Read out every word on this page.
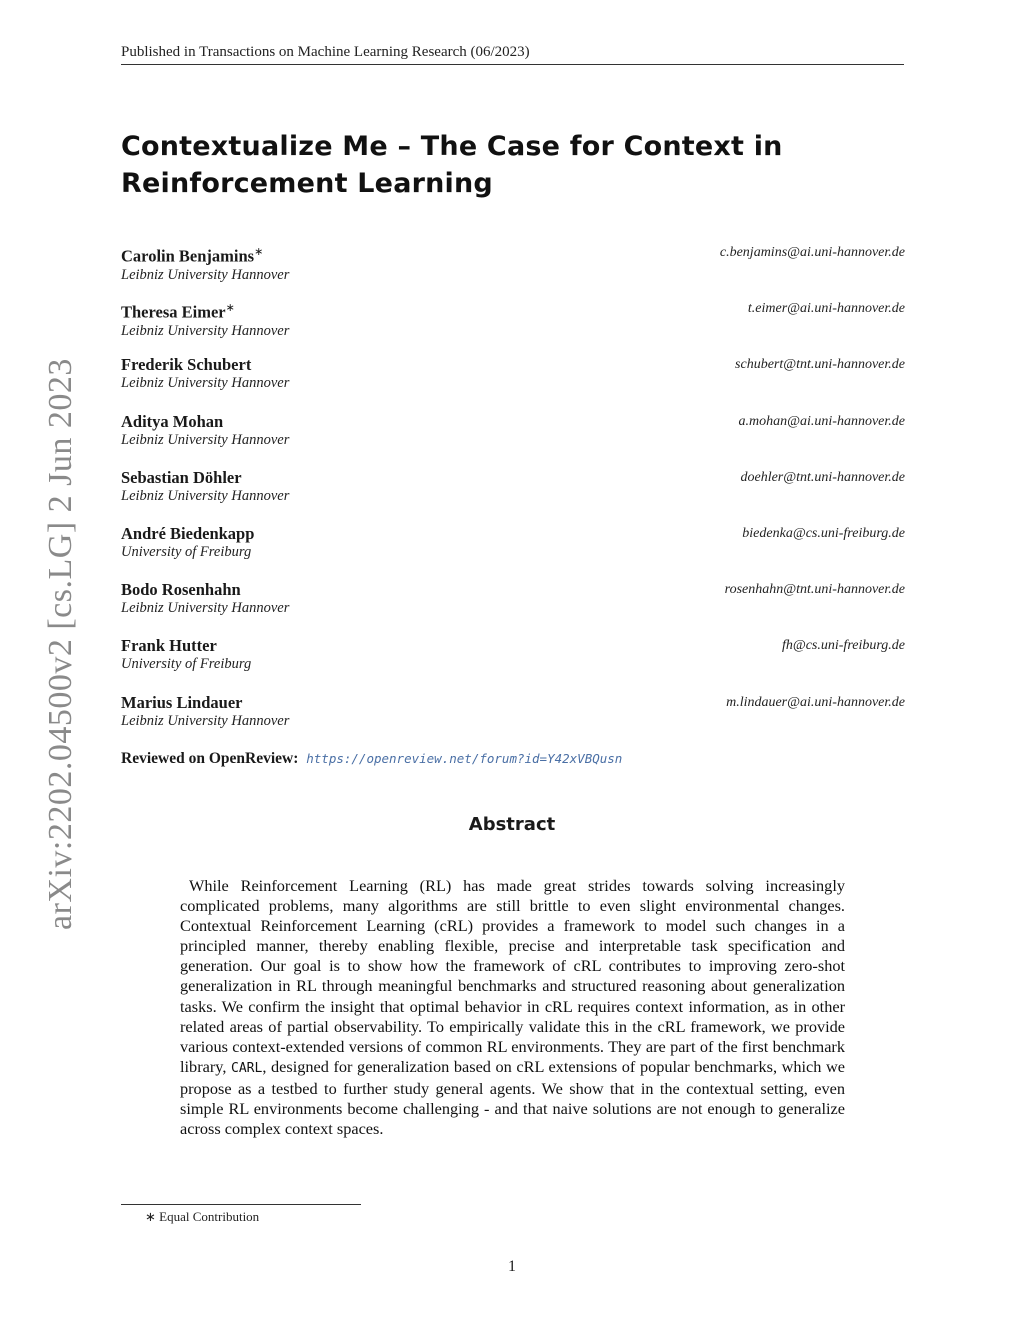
Published in Transactions on Machine Learning Research (06/2023)
arXiv:2202.04500v2 [cs.LG] 2 Jun 2023
Contextualize Me – The Case for Context in Reinforcement Learning
Carolin Benjamins∗
Leibniz University Hannover
c.benjamins@ai.uni-hannover.de
Theresa Eimer∗
Leibniz University Hannover
t.eimer@ai.uni-hannover.de
Frederik Schubert
Leibniz University Hannover
schubert@tnt.uni-hannover.de
Aditya Mohan
Leibniz University Hannover
a.mohan@ai.uni-hannover.de
Sebastian Döhler
Leibniz University Hannover
doehler@tnt.uni-hannover.de
André Biedenkapp
University of Freiburg
biedenka@cs.uni-freiburg.de
Bodo Rosenhahn
Leibniz University Hannover
rosenhahn@tnt.uni-hannover.de
Frank Hutter
University of Freiburg
fh@cs.uni-freiburg.de
Marius Lindauer
Leibniz University Hannover
m.lindauer@ai.uni-hannover.de
Reviewed on OpenReview: https://openreview.net/forum?id=Y42xVBQusn
Abstract
While Reinforcement Learning (RL) has made great strides towards solving increasingly complicated problems, many algorithms are still brittle to even slight environmental changes. Contextual Reinforcement Learning (cRL) provides a framework to model such changes in a principled manner, thereby enabling flexible, precise and interpretable task specification and generation. Our goal is to show how the framework of cRL contributes to improving zero-shot generalization in RL through meaningful benchmarks and structured reasoning about generalization tasks. We confirm the insight that optimal behavior in cRL requires context information, as in other related areas of partial observability. To empirically validate this in the cRL framework, we provide various context-extended versions of common RL environments. They are part of the first benchmark library, CARL, designed for generalization based on cRL extensions of popular benchmarks, which we propose as a testbed to further study general agents. We show that in the contextual setting, even simple RL environments become challenging - and that naive solutions are not enough to generalize across complex context spaces.
∗ Equal Contribution
1
